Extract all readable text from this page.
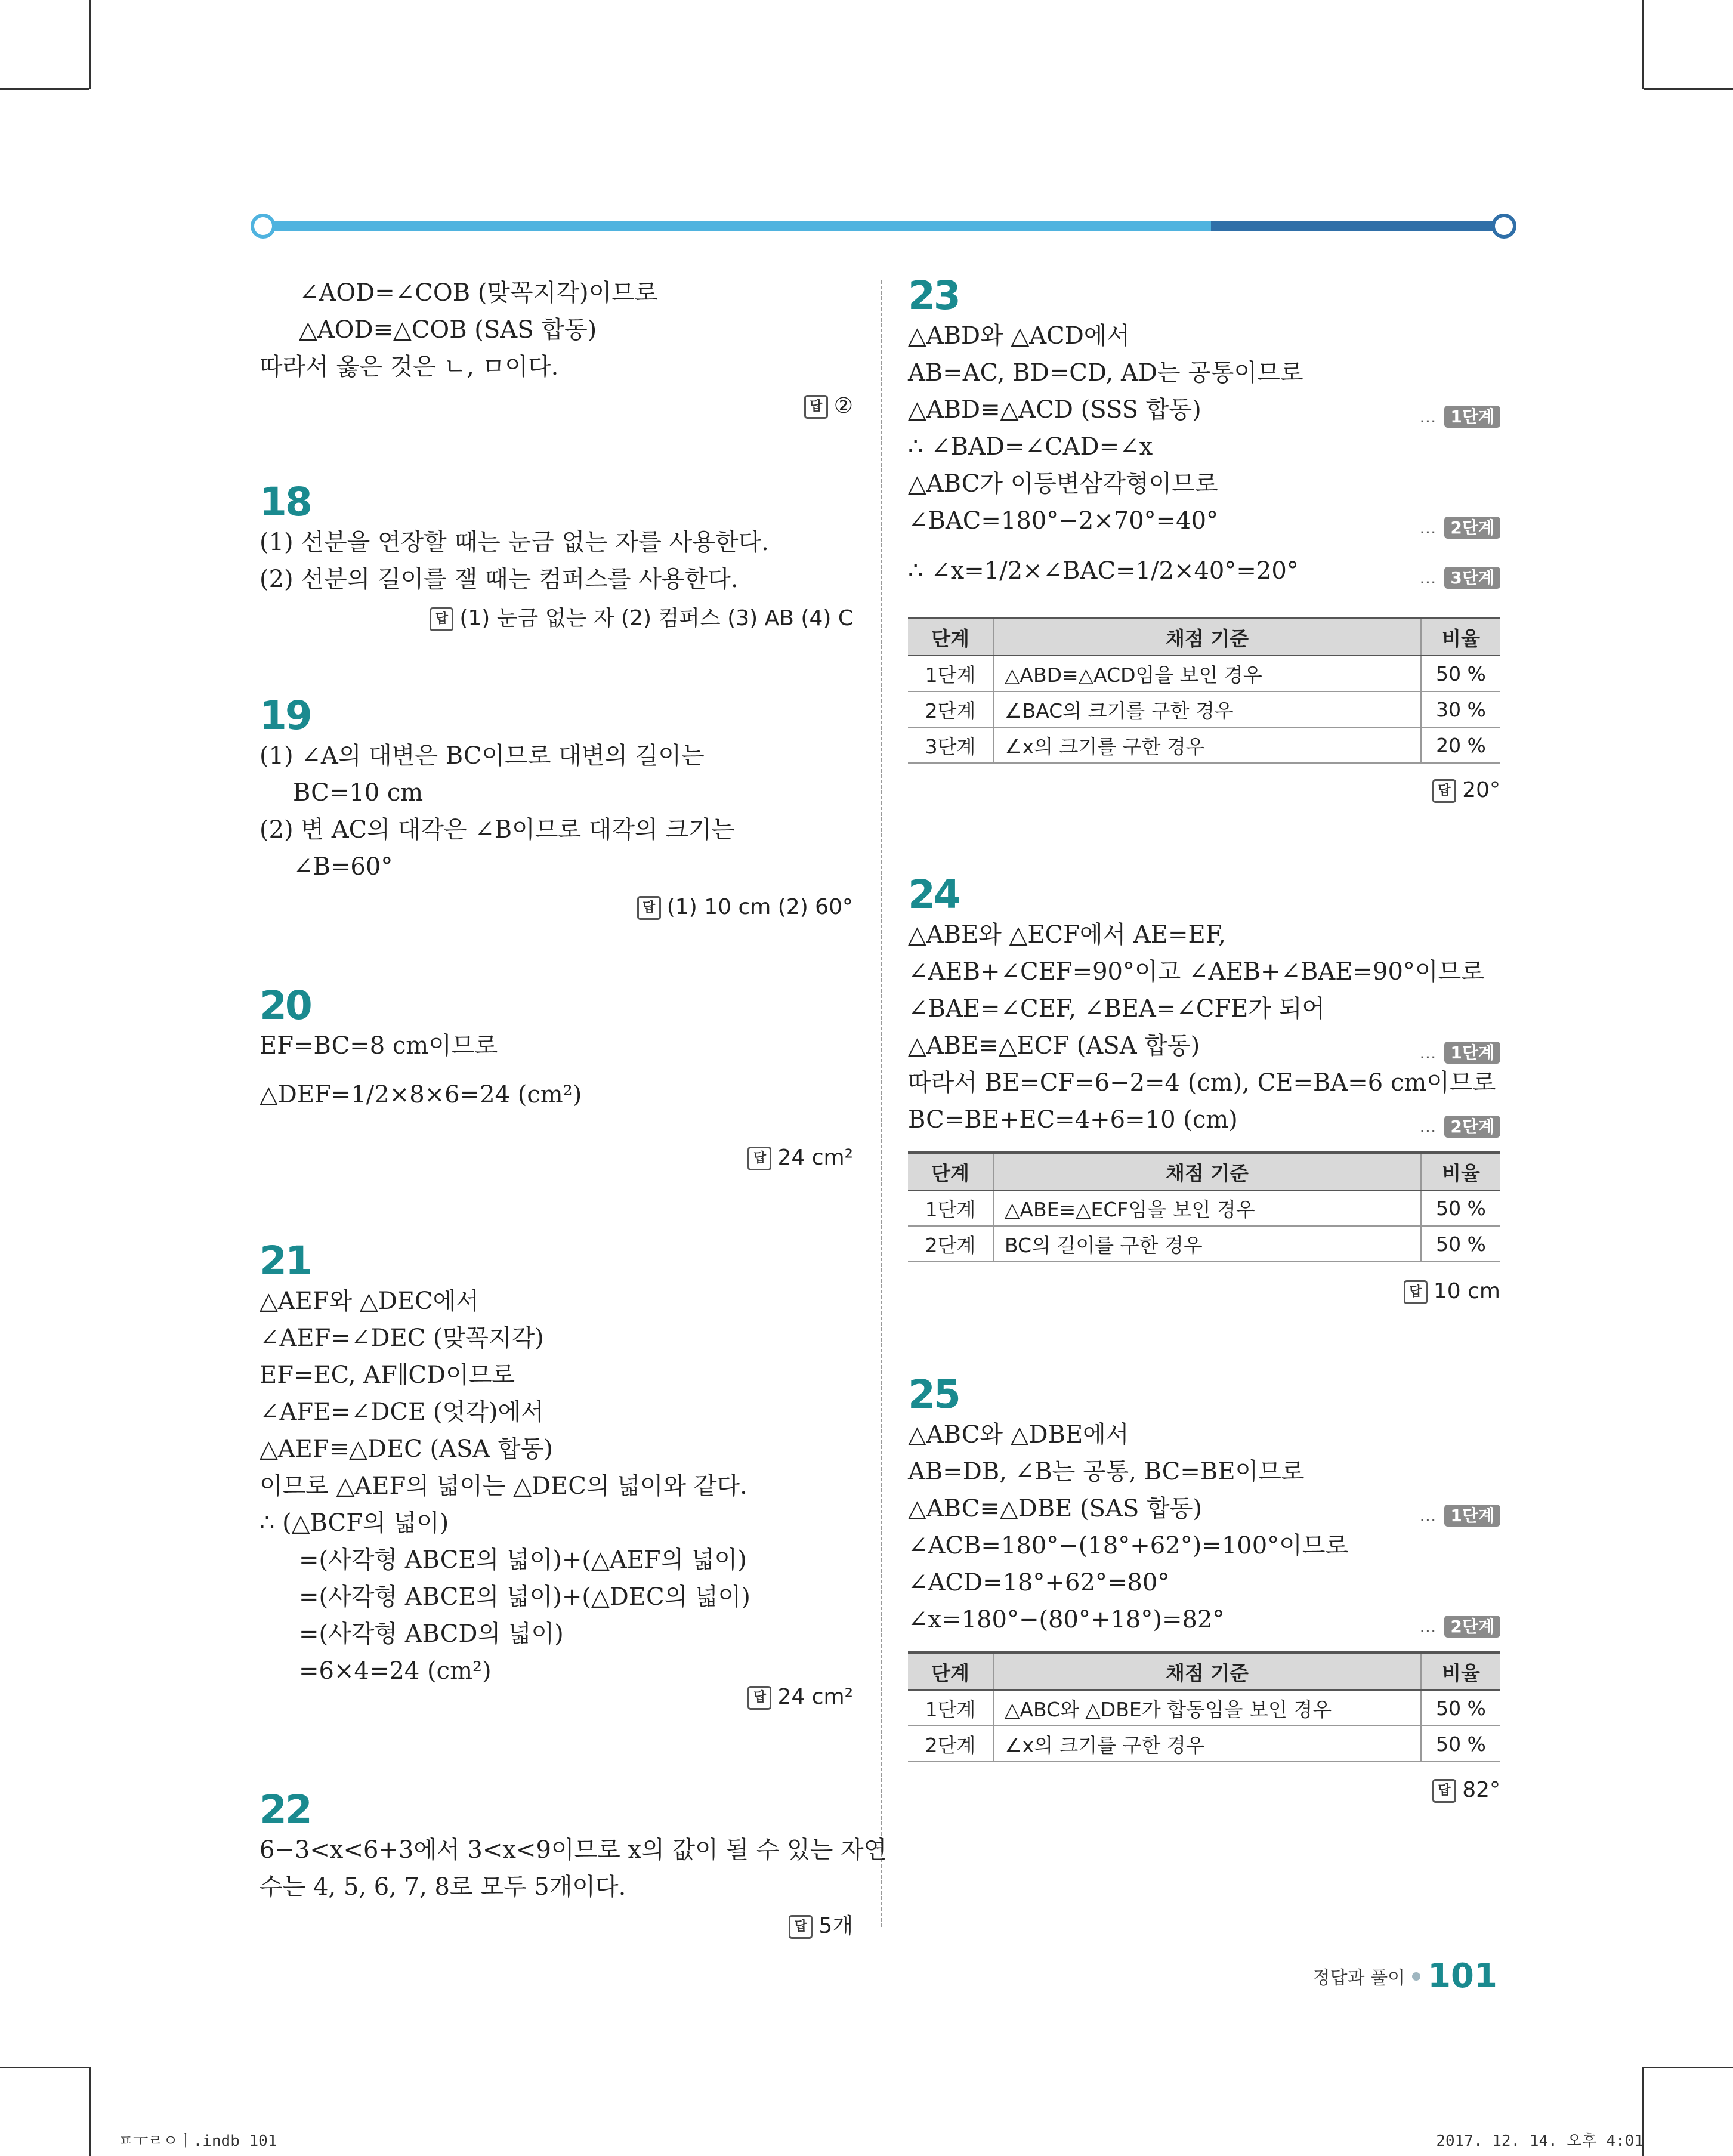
∠AOD=∠COB (맞꼭지각)이므로
△AOD≡△COB (SAS 합동)
따라서 옳은 것은 ㄴ, ㅁ이다.
답 ②
18
(1) 선분을 연장할 때는 눈금 없는 자를 사용한다.
(2) 선분의 길이를 잴 때는 컴퍼스를 사용한다.
답 (1) 눈금 없는 자 (2) 컴퍼스 (3) AB (4) C
19
(1) ∠A의 대변은 BC이므로 대변의 길이는
BC=10 cm
(2) 변 AC의 대각은 ∠B이므로 대각의 크기는
∠B=60°
답 (1) 10 cm (2) 60°
20
EF=BC=8 cm이므로
△DEF=1/2×8×6=24 (cm²)
답 24 cm²
21
△AEF와 △DEC에서
∠AEF=∠DEC (맞꼭지각)
EF=EC, AF∥CD이므로
∠AFE=∠DCE (엇각)에서
△AEF≡△DEC (ASA 합동)
이므로 △AEF의 넓이는 △DEC의 넓이와 같다.
∴ (△BCF의 넓이)
=(사각형 ABCE의 넓이)+(△AEF의 넓이)
=(사각형 ABCE의 넓이)+(△DEC의 넓이)
=(사각형 ABCD의 넓이)
=6×4=24 (cm²)
답 24 cm²
22
6−3<x<6+3에서 3<x<9이므로 x의 값이 될 수 있는 자연
수는 4, 5, 6, 7, 8로 모두 5개이다.
답 5개
23
△ABD와 △ACD에서
AB=AC, BD=CD, AD는 공통이므로
△ABD≡△ACD (SSS 합동)	… 1단계
∴ ∠BAD=∠CAD=∠x
△ABC가 이등변삼각형이므로
∠BAC=180°−2×70°=40°	… 2단계
∴ ∠x=1/2×∠BAC=1/2×40°=20°	… 3단계
단계	채점 기준	비율
1단계	△ABD≡△ACD임을 보인 경우	50 %
2단계	∠BAC의 크기를 구한 경우	30 %
3단계	∠x의 크기를 구한 경우	20 %
답 20°
24
△ABE와 △ECF에서 AE=EF,
∠AEB+∠CEF=90°이고 ∠AEB+∠BAE=90°이므로
∠BAE=∠CEF, ∠BEA=∠CFE가 되어
△ABE≡△ECF (ASA 합동)	… 1단계
따라서 BE=CF=6−2=4 (cm), CE=BA=6 cm이므로
BC=BE+EC=4+6=10 (cm)	… 2단계
단계	채점 기준	비율
1단계	△ABE≡△ECF임을 보인 경우	50 %
2단계	BC의 길이를 구한 경우	50 %
답 10 cm
25
△ABC와 △DBE에서
AB=DB, ∠B는 공통, BC=BE이므로
△ABC≡△DBE (SAS 합동)	… 1단계
∠ACB=180°−(18°+62°)=100°이므로
∠ACD=18°+62°=80°
∠x=180°−(80°+18°)=82°	… 2단계
단계	채점 기준	비율
1단계	△ABC와 △DBE가 합동임을 보인 경우	50 %
2단계	∠x의 크기를 구한 경우	50 %
답 82°
정답과 풀이 101
ㅍㅜㄹㅇㅣ.indb 101	2017. 12. 14. 오후 4:01
